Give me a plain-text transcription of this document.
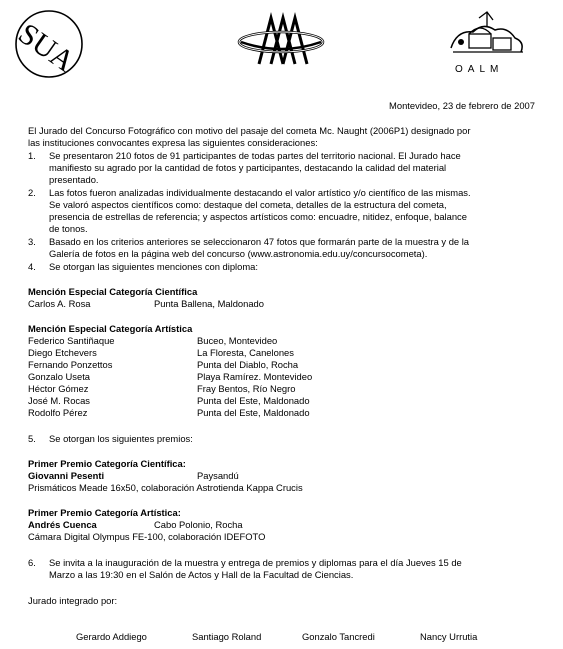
SUA	OALM
Montevideo, 23 de febrero de 2007
El Jurado del Concurso Fotográfico con motivo del pasaje del cometa Mc. Naught (2006P1) designado por
las instituciones convocantes expresa las siguientes consideraciones:
1. Se presentaron 210 fotos de 91 participantes de todas partes del territorio nacional. El Jurado hace
manifiesto su agrado por la cantidad de fotos y participantes, destacando la calidad del material
presentado.
2. Las fotos fueron analizadas individualmente destacando el valor artístico y/o científico de las mismas.
Se valoró aspectos científicos como: destaque del cometa, detalles de la estructura del cometa,
presencia de estrellas de referencia; y aspectos artísticos como: encuadre, nitidez, enfoque, balance
de tonos.
3. Basado en los criterios anteriores se seleccionaron 47 fotos que formarán parte de la muestra y de la
Galería de fotos en la página web del concurso (www.astronomia.edu.uy/concursocometa).
4. Se otorgan las siguientes menciones con diploma:
Mención Especial Categoría Científica
Carlos A. Rosa	Punta Ballena, Maldonado
Mención Especial Categoría Artística
Federico Santiñaque	Buceo, Montevideo
Diego Etchevers	La Floresta, Canelones
Fernando Ponzettos	Punta del Diablo, Rocha
Gonzalo Useta	Playa Ramírez. Montevideo
Héctor Gómez	Fray Bentos, Río Negro
José M. Rocas	Punta del Este, Maldonado
Rodolfo Pérez	Punta del Este, Maldonado
5. Se otorgan los siguientes premios:
Primer Premio Categoría Científica:
Giovanni Pesenti	Paysandú
Prismáticos Meade 16x50, colaboración Astrotienda Kappa Crucis
Primer Premio Categoría Artística:
Andrés Cuenca	Cabo Polonio, Rocha
Cámara Digital Olympus FE-100, colaboración IDEFOTO
6. Se invita a la inauguración de la muestra y entrega de premios y diplomas para el día Jueves 15 de
Marzo a las 19:30 en el Salón de Actos y Hall de la Facultad de Ciencias.
Jurado integrado por:
Gerardo Addiego	Santiago Roland	Gonzalo Tancredi	Nancy Urrutia
